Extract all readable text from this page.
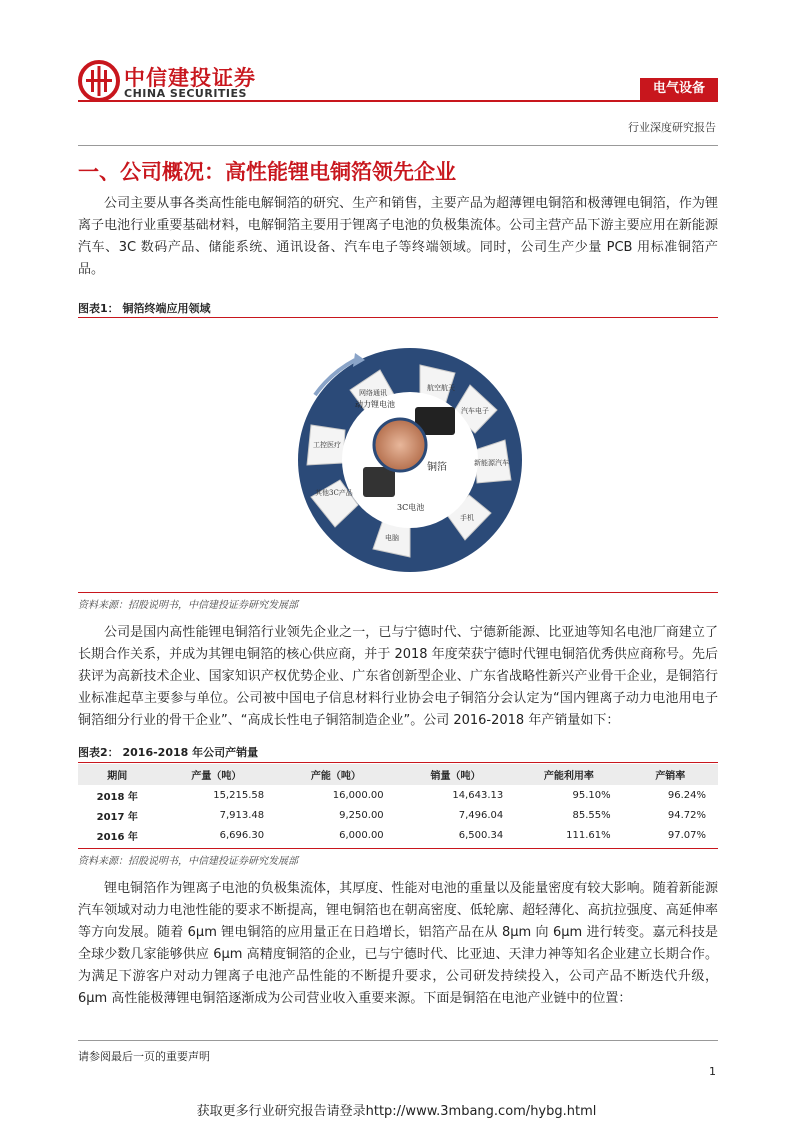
中信建投证券
CHINA SECURITIES	电气设备
行业深度研究报告
一、公司概况：高性能锂电铜箔领先企业

公司主要从事各类高性能电解铜箔的研究、生产和销售，主要产品为超薄锂电铜箔和极薄锂电铜箔，作为锂离子电池行业重要基础材料，电解铜箔主要用于锂离子电池的负极集流体。公司主营产品下游主要应用在新能源汽车、3C 数码产品、储能系统、通讯设备、汽车电子等终端领域。同时，公司生产少量 PCB 用标准铜箔产品。

图表1： 铜箔终端应用领域
铜箔
动力锂电池
3C电池
网络通讯
航空航天
汽车电子
新能源汽车
手机
电脑
其他3C产品
工控医疗
资料来源：招股说明书，中信建投证券研究发展部

公司是国内高性能锂电铜箔行业领先企业之一，已与宁德时代、宁德新能源、比亚迪等知名电池厂商建立了长期合作关系，并成为其锂电铜箔的核心供应商，并于 2018 年度荣获宁德时代锂电铜箔优秀供应商称号。先后获评为高新技术企业、国家知识产权优势企业、广东省创新型企业、广东省战略性新兴产业骨干企业，是铜箔行业标准起草主要参与单位。公司被中国电子信息材料行业协会电子铜箔分会认定为“国内锂离子动力电池用电子铜箔细分行业的骨干企业”、“高成长性电子铜箔制造企业”。公司 2016-2018 年产销量如下：

图表2： 2016-2018 年公司产销量
期间	产量（吨）	产能（吨）	销量（吨）	产能利用率	产销率
2018 年	15,215.58	16,000.00	14,643.13	95.10%	96.24%
2017 年	7,913.48	9,250.00	7,496.04	85.55%	94.72%
2016 年	6,696.30	6,000.00	6,500.34	111.61%	97.07%
资料来源：招股说明书，中信建投证券研究发展部

锂电铜箔作为锂离子电池的负极集流体，其厚度、性能对电池的重量以及能量密度有较大影响。随着新能源汽车领域对动力电池性能的要求不断提高，锂电铜箔也在朝高密度、低轮廓、超轻薄化、高抗拉强度、高延伸率等方向发展。随着 6μm 锂电铜箔的应用量正在日趋增长，铝箔产品在从 8μm 向 6μm 进行转变。嘉元科技是全球少数几家能够供应 6μm 高精度铜箔的企业，已与宁德时代、比亚迪、天津力神等知名企业建立长期合作。为满足下游客户对动力锂离子电池产品性能的不断提升要求，公司研发持续投入，公司产品不断迭代升级，6μm 高性能极薄锂电铜箔逐渐成为公司营业收入重要来源。下面是铜箔在电池产业链中的位置：

请参阅最后一页的重要声明
1
获取更多行业研究报告请登录http://www.3mbang.com/hybg.html
